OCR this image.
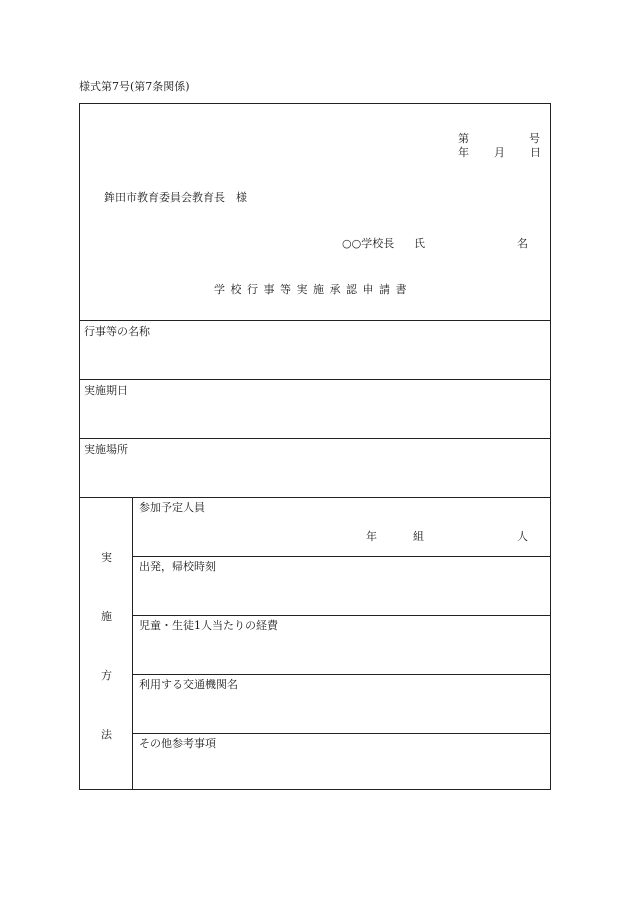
様式第7号(第7条関係)
第	号
年 月 日
鉾田市教育委員会教育長　様
○○学校長 氏	名
学校行事等実施承認申請書
行事等の名称
実施期日
実施場所
実
施
方
法
参加予定人員
年	組	人
出発，帰校時刻
児童・生徒1人当たりの経費
利用する交通機関名
その他参考事項
